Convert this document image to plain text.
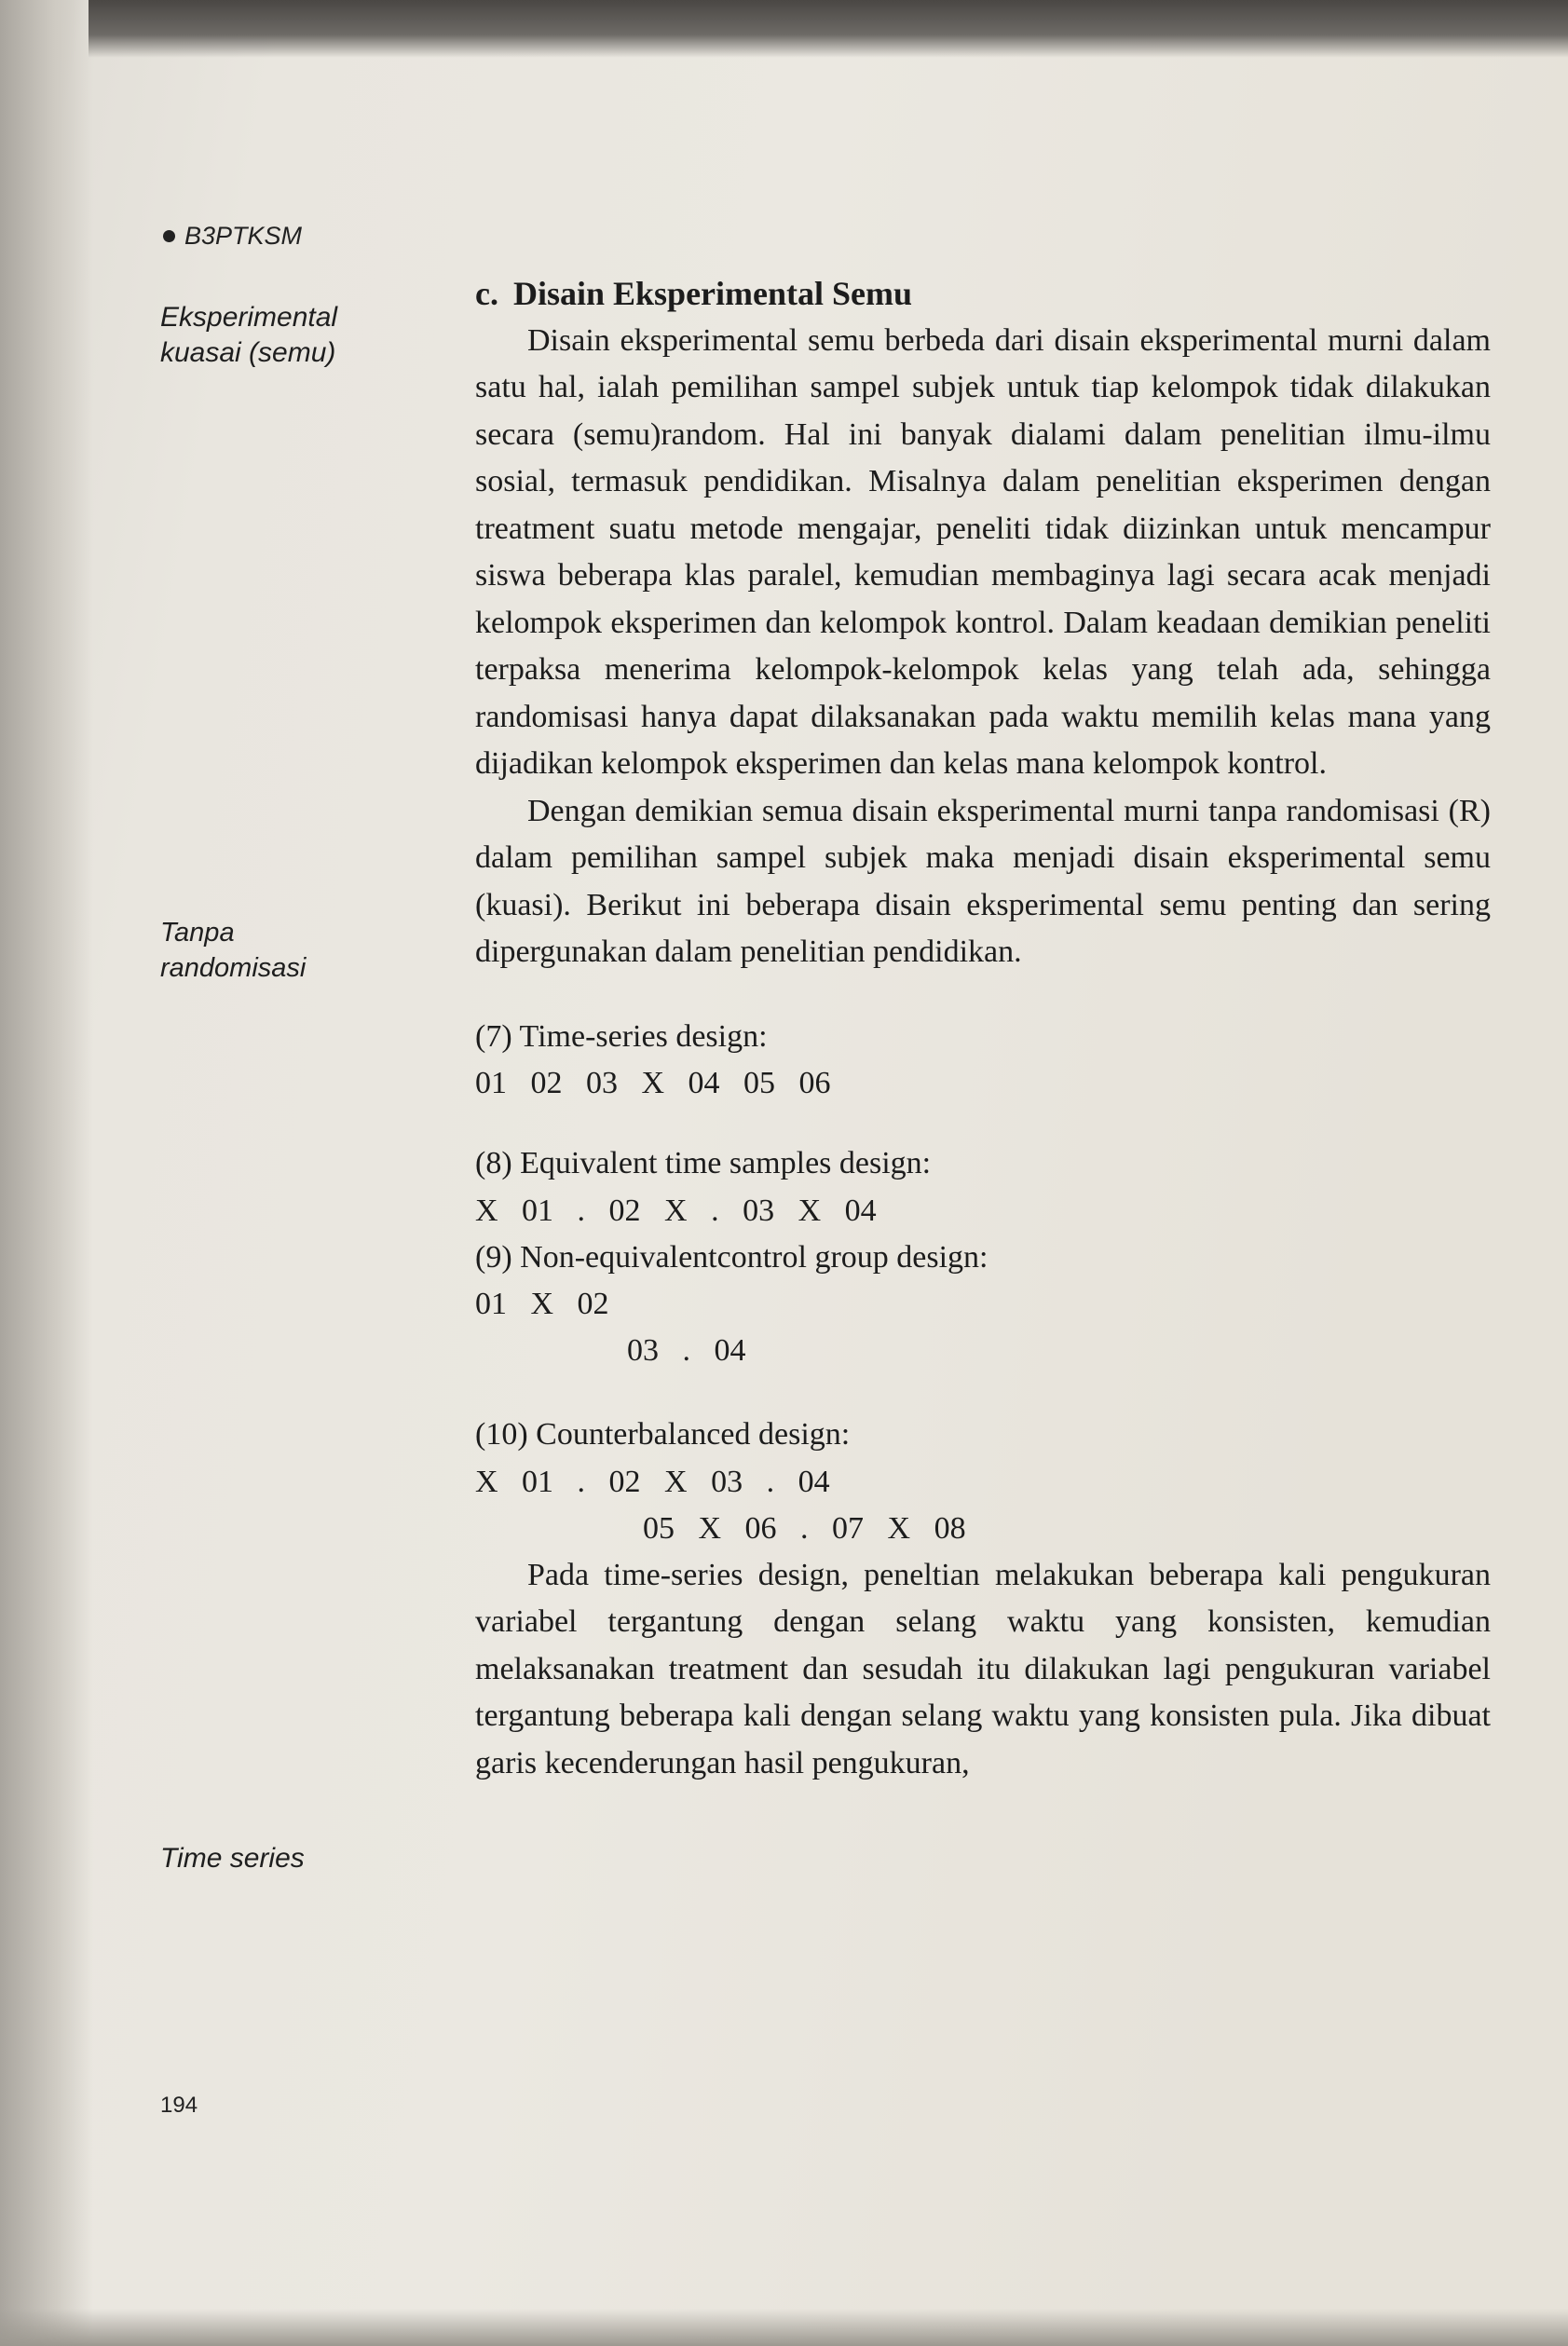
B3PTKSM
Eksperimental kuasai (semu)
Tanpa randomisasi
Time series
194

c. Disain Eksperimental Semu

Disain eksperimental semu berbeda dari disain eksperimental murni dalam satu hal, ialah pemilihan sampel subjek untuk tiap kelompok tidak dilakukan secara (semu)random. Hal ini banyak dialami dalam penelitian ilmu-ilmu sosial, termasuk pendidikan. Misalnya dalam penelitian eksperimen dengan treatment suatu metode mengajar, peneliti tidak diizinkan untuk mencampur siswa beberapa klas paralel, kemudian membaginya lagi secara acak menjadi kelompok eksperimen dan kelompok kontrol. Dalam keadaan demikian peneliti terpaksa menerima kelompok-kelompok kelas yang telah ada, sehingga randomisasi hanya dapat dilaksanakan pada waktu memilih kelas mana yang dijadikan kelompok eksperimen dan kelas mana kelompok kontrol.

Dengan demikian semua disain eksperimental murni tanpa randomisasi (R) dalam pemilihan sampel subjek maka menjadi disain eksperimental semu (kuasi). Berikut ini beberapa disain eksperimental semu penting dan sering dipergunakan dalam penelitian pendidikan.

(7) Time-series design:

01   02   03   X   04   05   06

(8) Equivalent time samples design:

X   01   .   02   X   .   03   X   04

(9) Non-equivalentcontrol group design:

01   X   02

03   .   04

(10) Counterbalanced design:

X   01   .   02   X   03   .   04

05   X   06   .   07   X   08

Pada time-series design, peneltian melakukan beberapa kali pengukuran variabel tergantung dengan selang waktu yang konsisten, kemudian melaksanakan treatment dan sesudah itu dilakukan lagi pengukuran variabel tergantung beberapa kali dengan selang waktu yang konsisten pula. Jika dibuat garis kecenderungan hasil pengukuran,
